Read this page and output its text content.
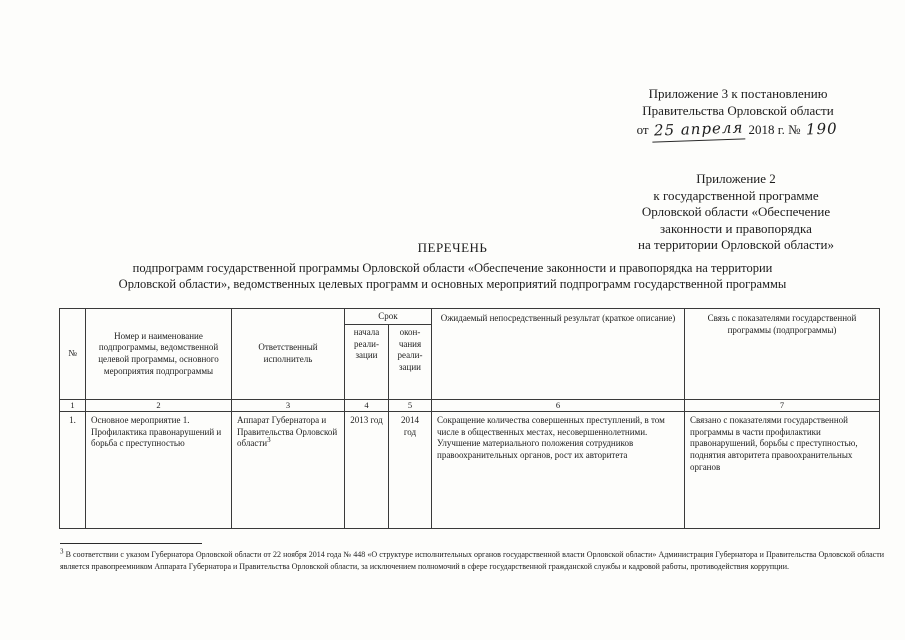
Приложение 3 к постановлению
Правительства Орловской области
от 25 апреля 2018 г. № 190
Приложение 2
к государственной программе
Орловской области «Обеспечение
законности и правопорядка
на территории Орловской области»
ПЕРЕЧЕНЬ
подпрограмм государственной программы Орловской области «Обеспечение законности и правопорядка на территории
Орловской области», ведомственных целевых программ и основных мероприятий подпрограмм государственной программы
№	Номер и наименование подпрограммы, ведомственной целевой программы, основного мероприятия подпрограммы	Ответственный исполнитель	Срок		Ожидаемый непосредственный результат (краткое описание)	Связь с показателями государственной программы (подпрограммы)
			начала реали-зации	окон-чания реали-зации		
1	2	3	4	5	6	7
1.	Основное мероприятие 1. Профилактика правонарушений и борьба с преступностью	Аппарат Губернатора и Правительства Орловской области$^3$	2013 год	2014 год	Сокращение количества совершенных преступлений, в том числе в общественных местах, несовершеннолетними. Улучшение материального положения сотрудников правоохранительных органов, рост их авторитета	Связано с показателями государственной программы в части профилактики правонарушений, борьбы с преступностью, поднятия авторитета правоохранительных органов
$^3$ В соответствии с указом Губернатора Орловской области от 22 ноября 2014 года № 448 «О структуре исполнительных органов государственной власти Орловской области» Администрация Губернатора и Правительства Орловской области является правопреемником Аппарата Губернатора и Правительства Орловской области, за исключением полномочий в сфере государственной гражданской службы и кадровой работы, противодействия коррупции.
